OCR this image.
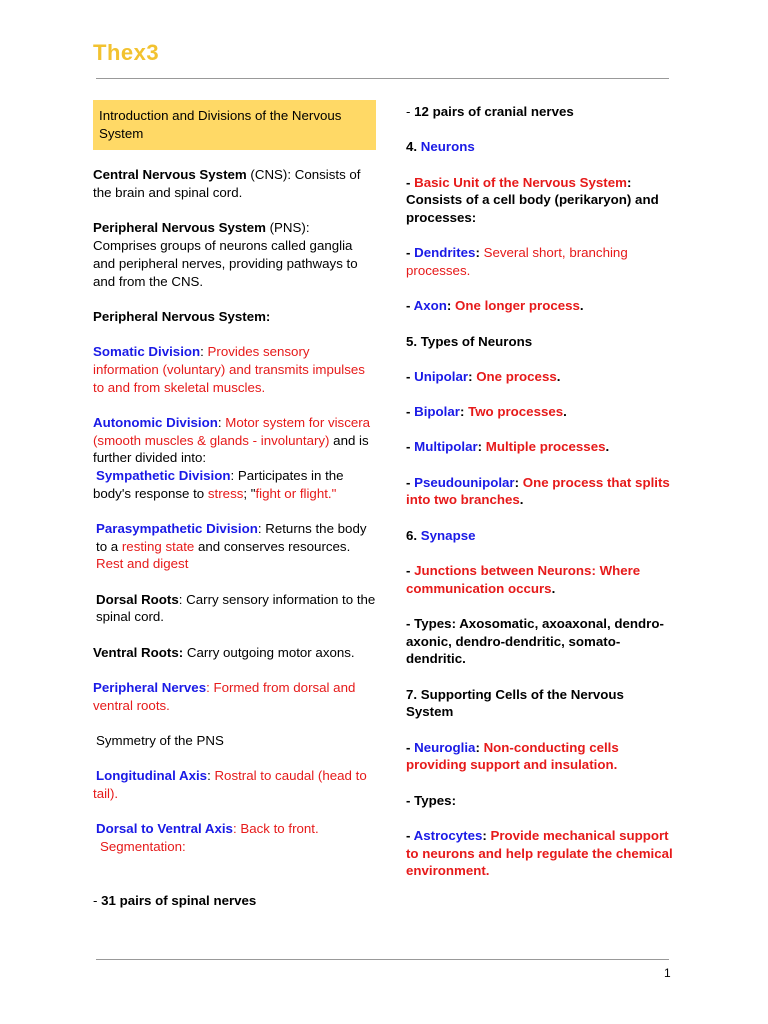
Thex3
Introduction and Divisions of the Nervous System

Central Nervous System (CNS): Consists of the brain and spinal cord.

Peripheral Nervous System (PNS): Comprises groups of neurons called ganglia and peripheral nerves, providing pathways to and from the CNS.

Peripheral Nervous System:

Somatic Division: Provides sensory information (voluntary) and transmits impulses to and from skeletal muscles.

Autonomic Division: Motor system for viscera (smooth muscles & glands - involuntary) and is further divided into:
Sympathetic Division: Participates in the body's response to stress; "fight or flight."

Parasympathetic Division: Returns the body to a resting state and conserves resources. Rest and digest

Dorsal Roots: Carry sensory information to the spinal cord.

Ventral Roots: Carry outgoing motor axons.

Peripheral Nerves: Formed from dorsal and ventral roots.

Symmetry of the PNS

Longitudinal Axis: Rostral to caudal (head to tail).

Dorsal to Ventral Axis: Back to front.
Segmentation:

- 31 pairs of spinal nerves

- 12 pairs of cranial nerves

4. Neurons

- Basic Unit of the Nervous System: Consists of a cell body (perikaryon) and processes:

- Dendrites: Several short, branching processes.

- Axon: One longer process.

5. Types of Neurons

- Unipolar: One process.

- Bipolar: Two processes.

- Multipolar: Multiple processes.

- Pseudounipolar: One process that splits into two branches.

6. Synapse

- Junctions between Neurons: Where communication occurs.

- Types: Axosomatic, axoaxonal, dendro-axonic, dendro-dendritic, somato-dendritic.

7. Supporting Cells of the Nervous System

- Neuroglia: Non-conducting cells providing support and insulation.

- Types:

- Astrocytes: Provide mechanical support to neurons and help regulate the chemical environment.

1
